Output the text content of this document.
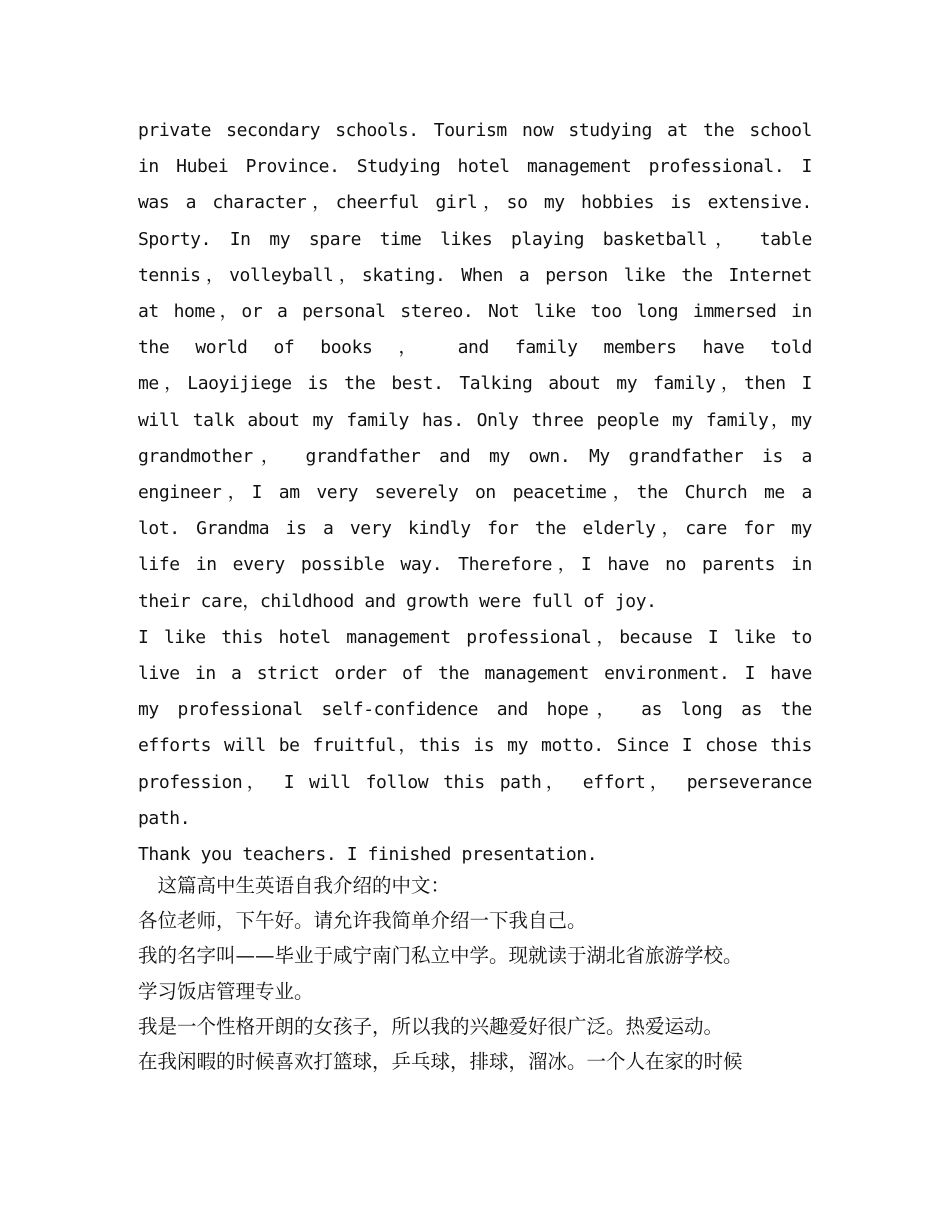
private secondary schools. Tourism now studying at the school

in Hubei Province. Studying hotel management professional. I

was a character，cheerful girl，so my hobbies is extensive.

Sporty. In my spare time likes playing basketball， table

tennis，volleyball，skating. When a person like the Internet

at home，or a personal stereo. Not like too long immersed in

the world of books ， and family members have told

me，Laoyijiege is the best. Talking about my family，then I

will talk about my family has. Only three people my family，my

grandmother， grandfather and my own. My grandfather is a

engineer，I am very severely on peacetime，the Church me a

lot. Grandma is a very kindly for the elderly，care for my

life in every possible way. Therefore，I have no parents in

their care，childhood and growth were full of joy.

I like this hotel management professional，because I like to

live in a strict order of the management environment. I have

my professional self-confidence and hope， as long as the

efforts will be fruitful，this is my motto. Since I chose this

profession， I will follow this path， effort， perseverance

path.

Thank you teachers. I finished presentation.

　这篇高中生英语自我介绍的中文：

各位老师，下午好。请允许我简单介绍一下我自己。

我的名字叫——毕业于咸宁南门私立中学。现就读于湖北省旅游学校。

学习饭店管理专业。

我是一个性格开朗的女孩子，所以我的兴趣爱好很广泛。热爱运动。

在我闲暇的时候喜欢打篮球，乒乓球，排球，溜冰。一个人在家的时候
